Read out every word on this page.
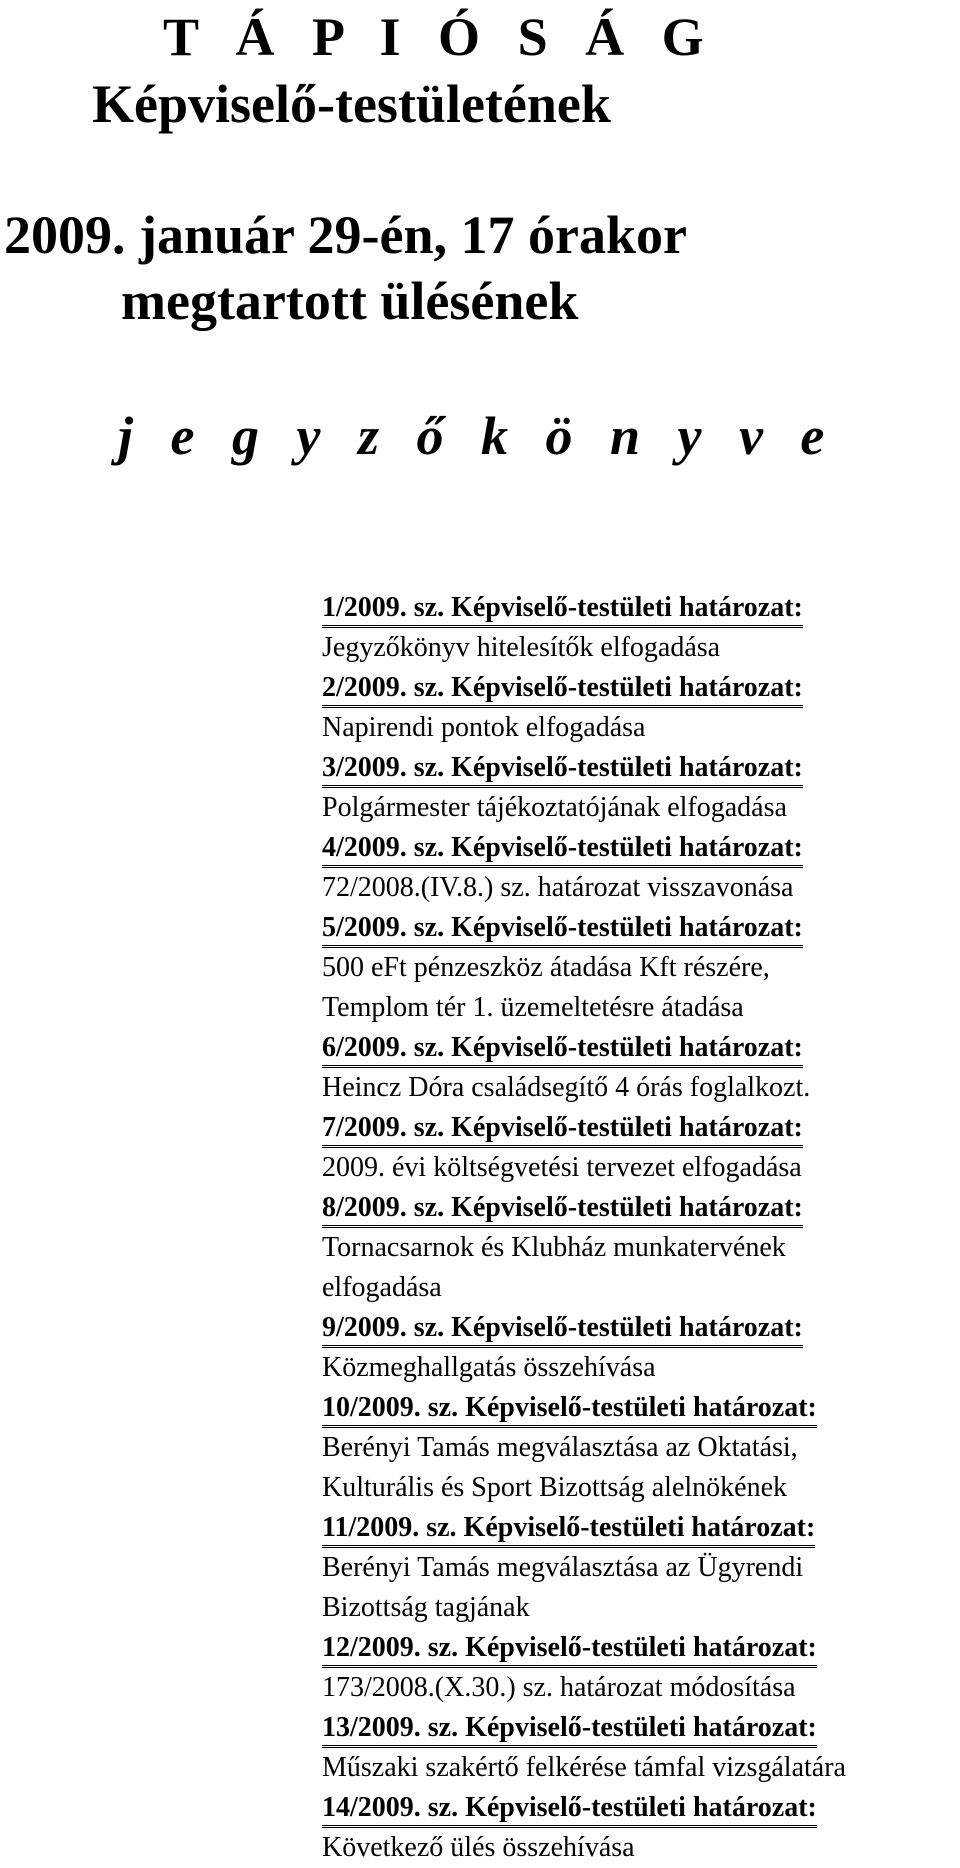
T Á P I Ó S Á G
Képviselő-testületének
2009. január 29-én, 17 órakor
megtartott ülésének
j e g y z ő k ö n y v e
1/2009. sz. Képviselő-testületi határozat:
Jegyzőkönyv hitelesítők elfogadása
2/2009. sz. Képviselő-testületi határozat:
Napirendi pontok elfogadása
3/2009. sz. Képviselő-testületi határozat:
Polgármester tájékoztatójának elfogadása
4/2009. sz. Képviselő-testületi határozat:
72/2008.(IV.8.) sz. határozat visszavonása
5/2009. sz. Képviselő-testületi határozat:
500 eFt pénzeszköz átadása Kft részére,
Templom tér 1. üzemeltetésre átadása
6/2009. sz. Képviselő-testületi határozat:
Heincz Dóra családsegítő 4 órás foglalkozt.
7/2009. sz. Képviselő-testületi határozat:
2009. évi költségvetési tervezet elfogadása
8/2009. sz. Képviselő-testületi határozat:
Tornacsarnok és Klubház munkatervének
elfogadása
9/2009. sz. Képviselő-testületi határozat:
Közmeghallgatás összehívása
10/2009. sz. Képviselő-testületi határozat:
Berényi Tamás megválasztása az Oktatási,
Kulturális és Sport Bizottság alelnökének
11/2009. sz. Képviselő-testületi határozat:
Berényi Tamás megválasztása az Ügyrendi
Bizottság tagjának
12/2009. sz. Képviselő-testületi határozat:
173/2008.(X.30.) sz. határozat módosítása
13/2009. sz. Képviselő-testületi határozat:
Műszaki szakértő felkérése támfal vizsgálatára
14/2009. sz. Képviselő-testületi határozat:
Következő ülés összehívása
